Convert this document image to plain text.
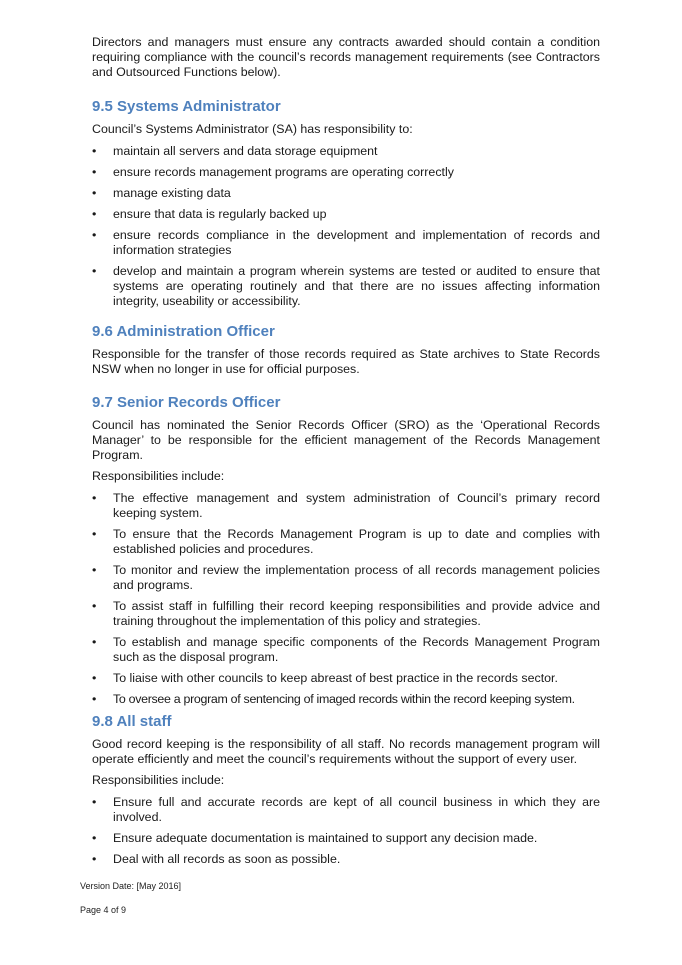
Directors and managers must ensure any contracts awarded should contain a condition requiring compliance with the council’s records management requirements (see Contractors and Outsourced Functions below).

9.5 Systems Administrator

Council’s Systems Administrator (SA) has responsibility to:

• maintain all servers and data storage equipment
• ensure records management programs are operating correctly
• manage existing data
• ensure that data is regularly backed up
• ensure records compliance in the development and implementation of records and information strategies
• develop and maintain a program wherein systems are tested or audited to ensure that systems are operating routinely and that there are no issues affecting information integrity, useability or accessibility.
9.6 Administration Officer

Responsible for the transfer of those records required as State archives to State Records NSW when no longer in use for official purposes.

9.7 Senior Records Officer

Council has nominated the Senior Records Officer (SRO) as the ‘Operational Records Manager’ to be responsible for the efficient management of the Records Management Program.

Responsibilities include:

• The effective management and system administration of Council’s primary record keeping system.
• To ensure that the Records Management Program is up to date and complies with established policies and procedures.
• To monitor and review the implementation process of all records management policies and programs.
• To assist staff in fulfilling their record keeping responsibilities and provide advice and training throughout the implementation of this policy and strategies.
• To establish and manage specific components of the Records Management Program such as the disposal program.
• To liaise with other councils to keep abreast of best practice in the records sector.
• To oversee a program of sentencing of imaged records within the record keeping system.
9.8 All staff

Good record keeping is the responsibility of all staff. No records management program will operate efficiently and meet the council’s requirements without the support of every user.

Responsibilities include:

• Ensure full and accurate records are kept of all council business in which they are involved.
• Ensure adequate documentation is maintained to support any decision made.
• Deal with all records as soon as possible.
Version Date: [May 2016]
Page 4 of 9
